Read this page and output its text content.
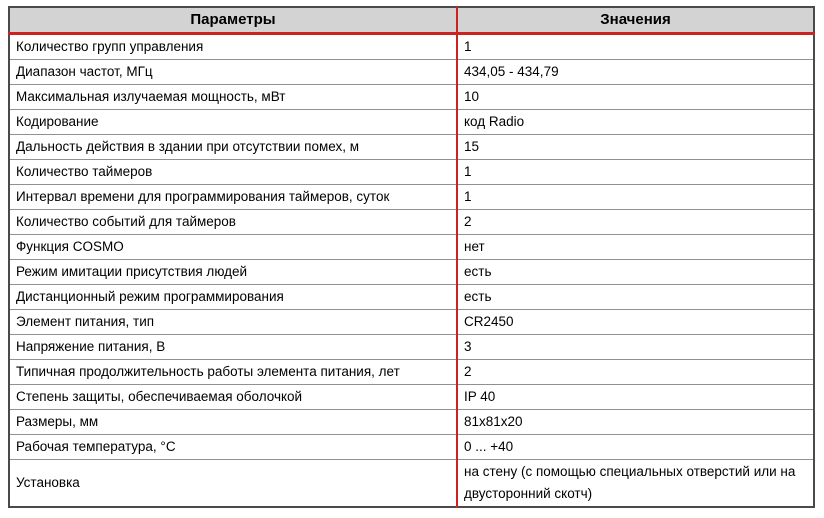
Параметры	Значения
Количество групп управления	1
Диапазон частот, МГц	434,05 - 434,79
Максимальная излучаемая мощность, мВт	10
Кодирование	код Radio
Дальность действия в здании при отсутствии помех, м	15
Количество таймеров	1
Интервал времени для программирования таймеров, суток	1
Количество событий для таймеров	2
Функция COSMO	нет
Режим имитации присутствия людей	есть
Дистанционный режим программирования	есть
Элемент питания, тип	CR2450
Напряжение питания, В	3
Типичная продолжительность работы элемента питания, лет	2
Степень защиты, обеспечиваемая оболочкой	IP 40
Размеры, мм	81x81x20
Рабочая температура, °С	0 ... +40
Установка	на стену (с помощью специальных отверстий или на двусторонний скотч)
